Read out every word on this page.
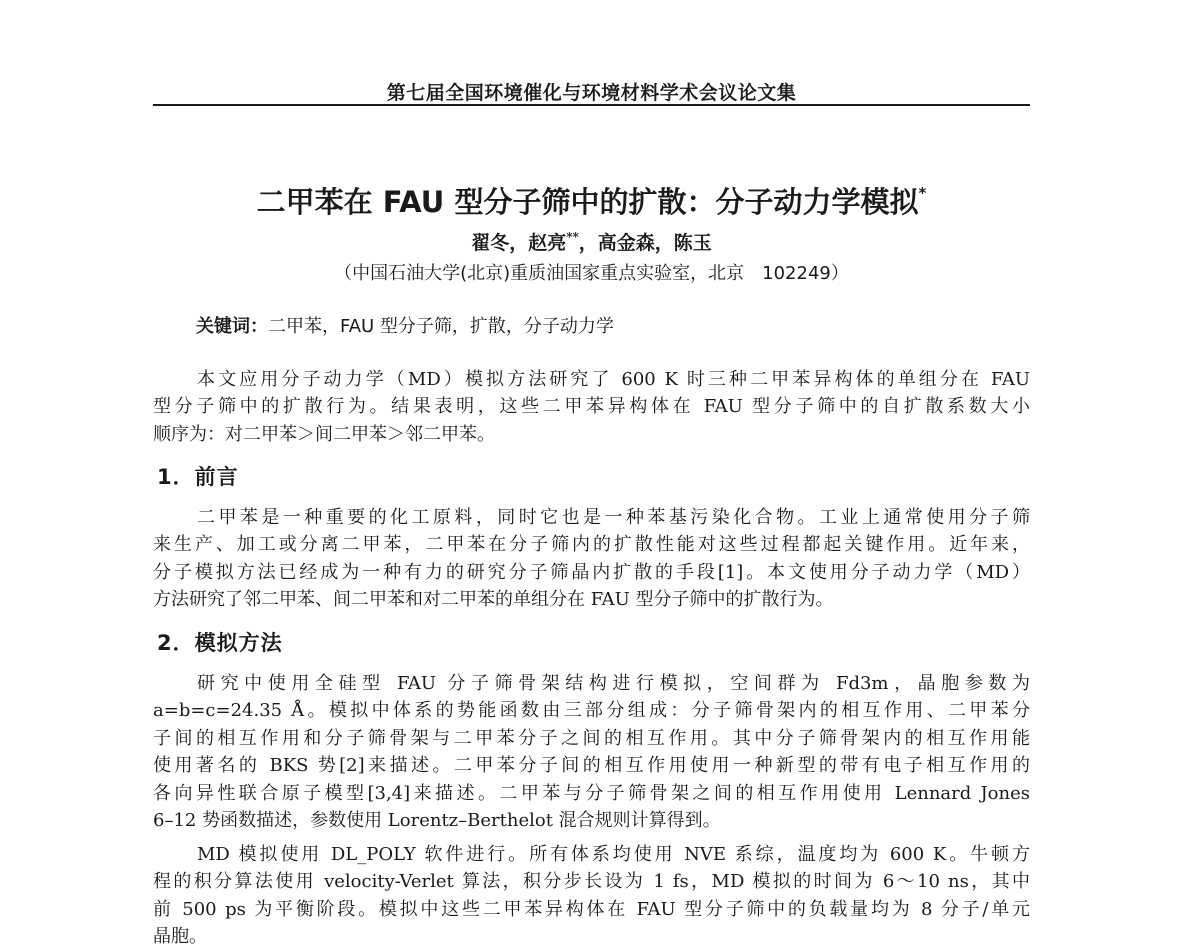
第七届全国环境催化与环境材料学术会议论文集
二甲苯在 FAU 型分子筛中的扩散：分子动力学模拟*
翟冬，赵亮**，高金森，陈玉
（中国石油大学(北京)重质油国家重点实验室，北京　102249）
关键词：二甲苯，FAU 型分子筛，扩散，分子动力学
本文应用分子动力学（MD）模拟方法研究了 600 K 时三种二甲苯异构体的单组分在 FAU
型分子筛中的扩散行为。结果表明，这些二甲苯异构体在 FAU 型分子筛中的自扩散系数大小
顺序为：对二甲苯＞间二甲苯＞邻二甲苯。
1．前言
二甲苯是一种重要的化工原料，同时它也是一种苯基污染化合物。工业上通常使用分子筛
来生产、加工或分离二甲苯，二甲苯在分子筛内的扩散性能对这些过程都起关键作用。近年来，
分子模拟方法已经成为一种有力的研究分子筛晶内扩散的手段[1]。本文使用分子动力学（MD）
方法研究了邻二甲苯、间二甲苯和对二甲苯的单组分在 FAU 型分子筛中的扩散行为。
2．模拟方法
研究中使用全硅型 FAU 分子筛骨架结构进行模拟，空间群为 Fd3m，晶胞参数为
a=b=c=24.35 Å。模拟中体系的势能函数由三部分组成：分子筛骨架内的相互作用、二甲苯分
子间的相互作用和分子筛骨架与二甲苯分子之间的相互作用。其中分子筛骨架内的相互作用能
使用著名的 BKS 势[2]来描述。二甲苯分子间的相互作用使用一种新型的带有电子相互作用的
各向异性联合原子模型[3,4]来描述。二甲苯与分子筛骨架之间的相互作用使用 Lennard Jones
6–12 势函数描述，参数使用 Lorentz–Berthelot 混合规则计算得到。
MD 模拟使用 DL_POLY 软件进行。所有体系均使用 NVE 系综，温度均为 600 K。牛顿方
程的积分算法使用 velocity-Verlet 算法，积分步长设为 1 fs，MD 模拟的时间为 6～10 ns，其中
前 500 ps 为平衡阶段。模拟中这些二甲苯异构体在 FAU 型分子筛中的负载量均为 8 分子/单元
晶胞。
